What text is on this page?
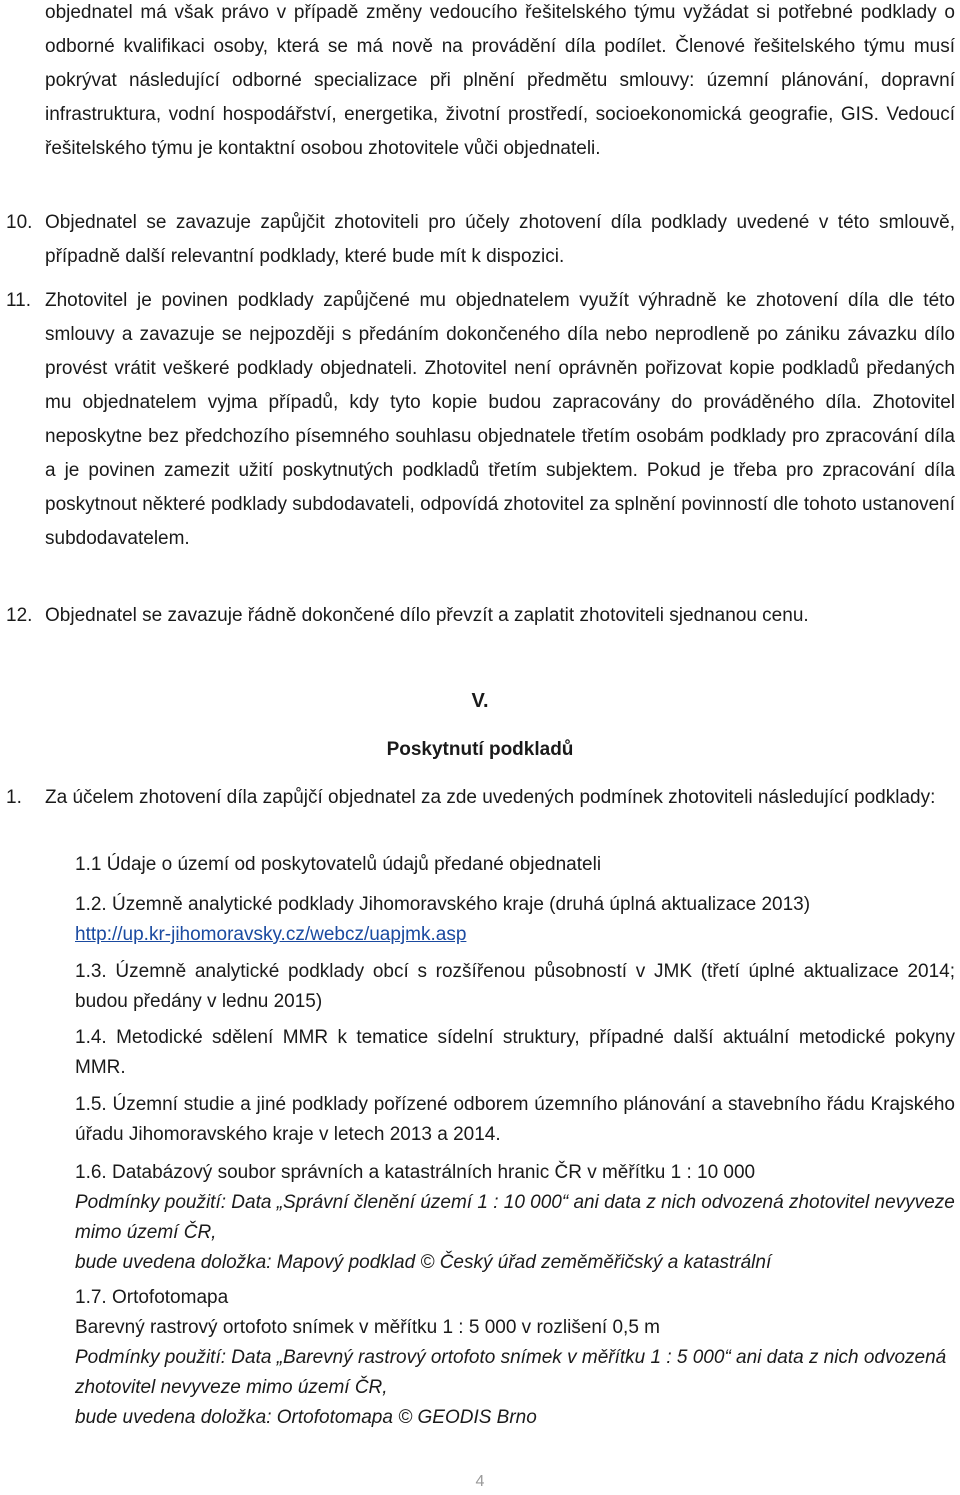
objednatel má však právo v případě změny vedoucího řešitelského týmu vyžádat si potřebné podklady o odborné kvalifikaci osoby, která se má nově na provádění díla podílet. Členové řešitelského týmu musí pokrývat následující odborné specializace při plnění předmětu smlouvy: územní plánování, dopravní infrastruktura, vodní hospodářství, energetika, životní prostředí, socioekonomická geografie, GIS. Vedoucí řešitelského týmu je kontaktní osobou zhotovitele vůči objednateli.

10. Objednatel se zavazuje zapůjčit zhotoviteli pro účely zhotovení díla podklady uvedené v této smlouvě, případně další relevantní podklady, které bude mít k dispozici.

11. Zhotovitel je povinen podklady zapůjčené mu objednatelem využít výhradně ke zhotovení díla dle této smlouvy a zavazuje se nejpozději s předáním dokončeného díla nebo neprodleně po zániku závazku dílo provést vrátit veškeré podklady objednateli. Zhotovitel není oprávněn pořizovat kopie podkladů předaných mu objednatelem vyjma případů, kdy tyto kopie budou zapracovány do prováděného díla. Zhotovitel neposkytne bez předchozího písemného souhlasu objednatele třetím osobám podklady pro zpracování díla a je povinen zamezit užití poskytnutých podkladů třetím subjektem. Pokud je třeba pro zpracování díla poskytnout některé podklady subdodavateli, odpovídá zhotovitel za splnění povinností dle tohoto ustanovení subdodavatelem.

12. Objednatel se zavazuje řádně dokončené dílo převzít a zaplatit zhotoviteli sjednanou cenu.

V.
Poskytnutí podkladů
1. Za účelem zhotovení díla zapůjčí objednatel za zde uvedených podmínek zhotoviteli následující podklady:

1.1 Údaje o území od poskytovatelů údajů předané objednateli
1.2. Územně analytické podklady Jihomoravského kraje (druhá úplná aktualizace 2013)
http://up.kr-jihomoravsky.cz/webcz/uapjmk.asp
1.3. Územně analytické podklady obcí s rozšířenou působností v JMK (třetí úplné aktualizace 2014; budou předány v lednu 2015)
1.4. Metodické sdělení MMR k tematice sídelní struktury, případné další aktuální metodické pokyny MMR.
1.5. Územní studie a jiné podklady pořízené odborem územního plánování a stavebního řádu Krajského úřadu Jihomoravského kraje v letech 2013 a 2014.
1.6. Databázový soubor správních a katastrálních hranic ČR v měřítku 1 : 10 000
Podmínky použití: Data „Správní členění území 1 : 10 000“ ani data z nich odvozená zhotovitel nevyveze mimo území ČR,
bude uvedena doložka: Mapový podklad © Český úřad zeměměřičský a katastrální
1.7. Ortofotomapa
Barevný rastrový ortofoto snímek v měřítku 1 : 5 000 v rozlišení 0,5 m
Podmínky použití: Data „Barevný rastrový ortofoto snímek v měřítku 1 : 5 000“ ani data z nich odvozená zhotovitel nevyveze mimo území ČR,
bude uvedena doložka: Ortofotomapa © GEODIS Brno
4
